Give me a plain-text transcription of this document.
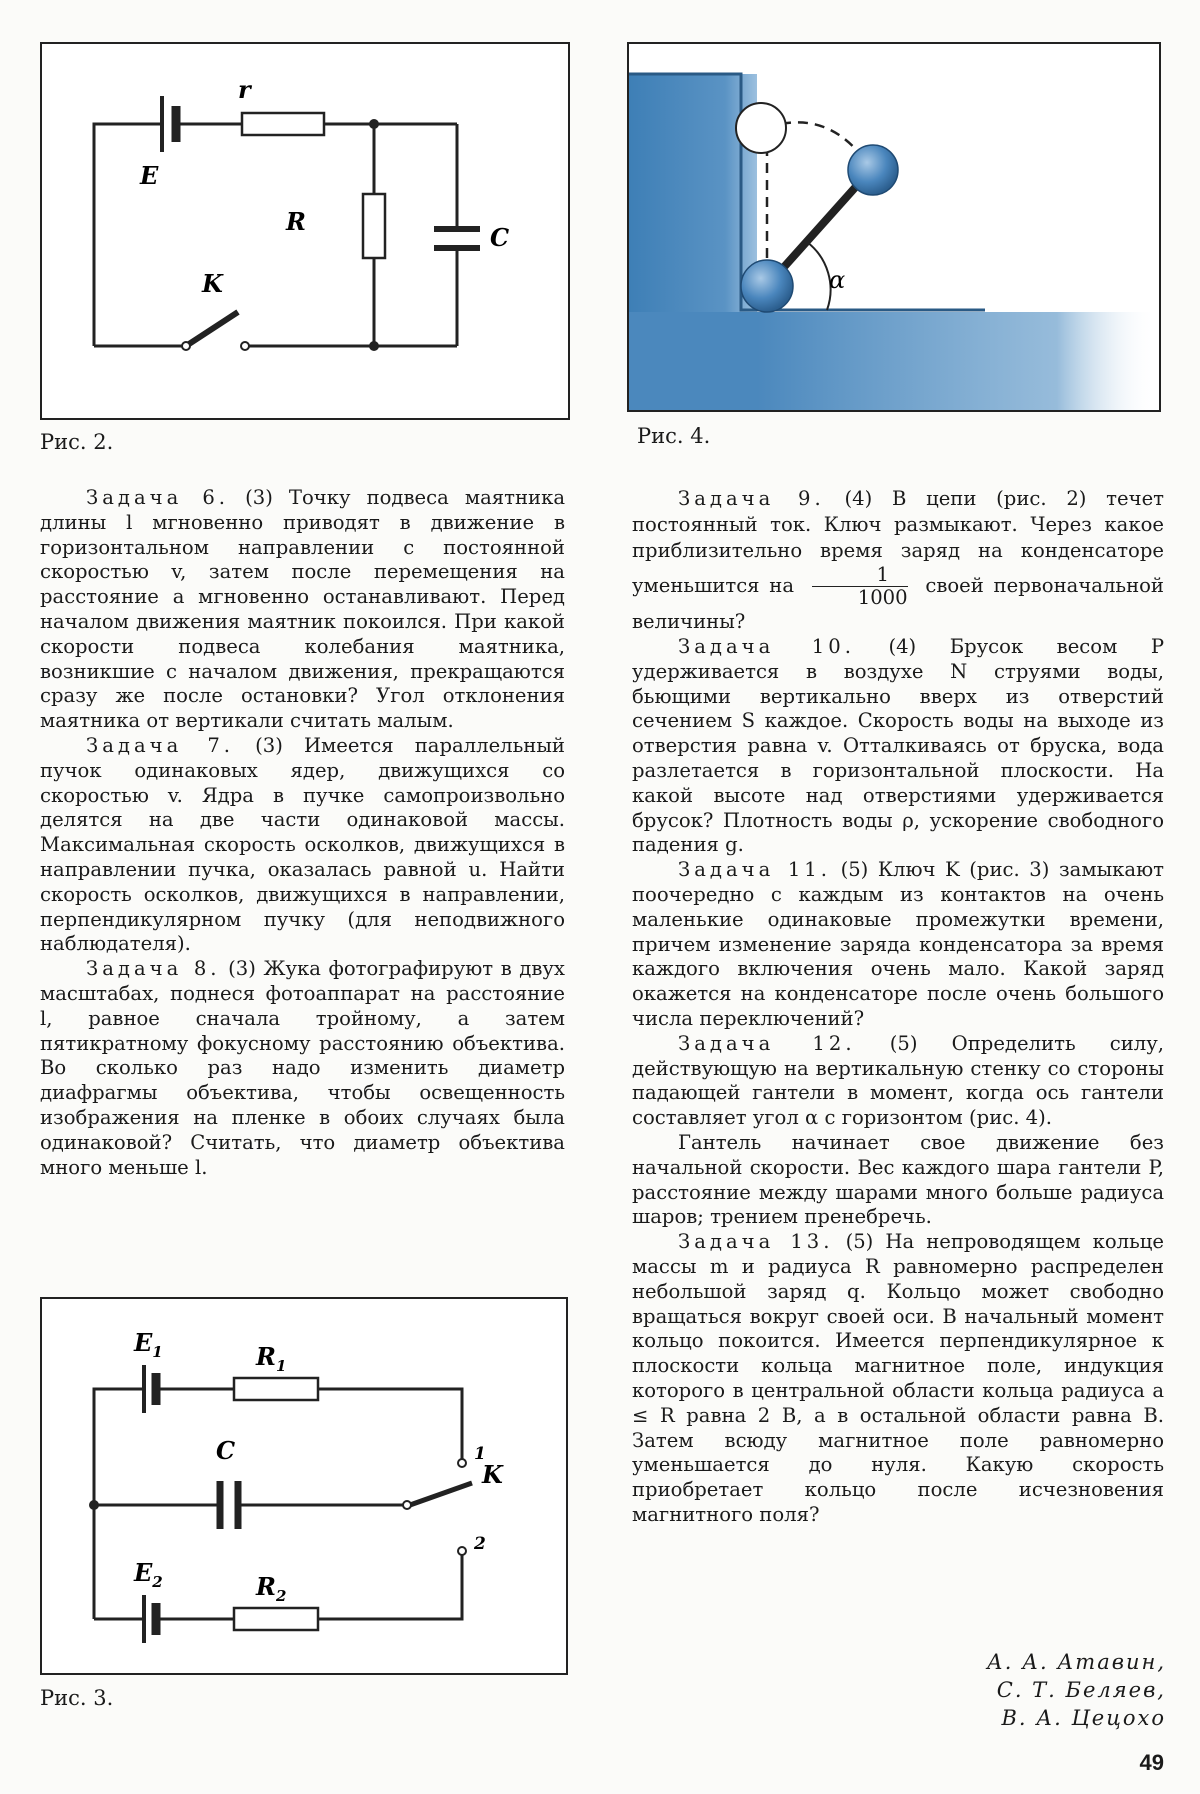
E
r
R
C
K
Рис. 2.
α
Рис. 4.

Задача 6. (3) Точку подвеса маятника длины l мгновенно приводят в движение в горизонтальном направлении с постоянной скоростью v, затем после перемещения на расстояние a мгновенно останавливают. Перед началом движения маятник покоился. При какой скорости подвеса колебания маятника, возникшие с началом движения, прекращаются сразу же после остановки? Угол отклонения маятника от вертикали считать малым.

Задача 7. (3) Имеется параллельный пучок одинаковых ядер, движущихся со скоростью v. Ядра в пучке самопроизвольно делятся на две части одинаковой массы. Максимальная скорость осколков, движущихся в направлении пучка, оказалась равной u. Найти скорость осколков, движущихся в направлении, перпендикулярном пучку (для неподвижного наблюдателя).

Задача 8. (3) Жука фотографируют в двух масштабах, поднеся фотоаппарат на расстояние l, равное сначала тройному, а затем пятикратному фокусному расстоянию объектива. Во сколько раз надо изменить диаметр диафрагмы объектива, чтобы освещенность изображения на пленке в обоих случаях была одинаковой? Считать, что диаметр объектива много меньше l.

$E_1$	$R_1$
C
K
1
2
$E_2$	$R_2$
Рис. 3.

Задача 9. (4) В цепи (рис. 2) течет постоянный ток. Ключ размыкают. Через какое приблизительно время заряд на конденсаторе уменьшится на $\frac{1}{1000}$ своей первоначальной величины?

Задача 10. (4) Брусок весом P удерживается в воздухе N струями воды, бьющими вертикально вверх из отверстий сечением S каждое. Скорость воды на выходе из отверстия равна v. Отталкиваясь от бруска, вода разлетается в горизонтальной плоскости. На какой высоте над отверстиями удерживается брусок? Плотность воды ρ, ускорение свободного падения g.

Задача 11. (5) Ключ K (рис. 3) замыкают поочередно с каждым из контактов на очень маленькие одинаковые промежутки времени, причем изменение заряда конденсатора за время каждого включения очень мало. Какой заряд окажется на конденсаторе после очень большого числа переключений?

Задача 12. (5) Определить силу, действующую на вертикальную стенку со стороны падающей гантели в момент, когда ось гантели составляет угол α с горизонтом (рис. 4).

Гантель начинает свое движение без начальной скорости. Вес каждого шара гантели P, расстояние между шарами много больше радиуса шаров; трением пренебречь.

Задача 13. (5) На непроводящем кольце массы m и радиуса R равномерно распределен небольшой заряд q. Кольцо может свободно вращаться вокруг своей оси. В начальный момент кольцо покоится. Имеется перпендикулярное к плоскости кольца магнитное поле, индукция которого в центральной области кольца радиуса a ≤ R равна 2 B, а в остальной области равна B. Затем всюду магнитное поле равномерно уменьшается до нуля. Какую скорость приобретает кольцо после исчезновения магнитного поля?

А. А. Атавин,
С. Т. Беляев,
В. А. Цецохо
49
